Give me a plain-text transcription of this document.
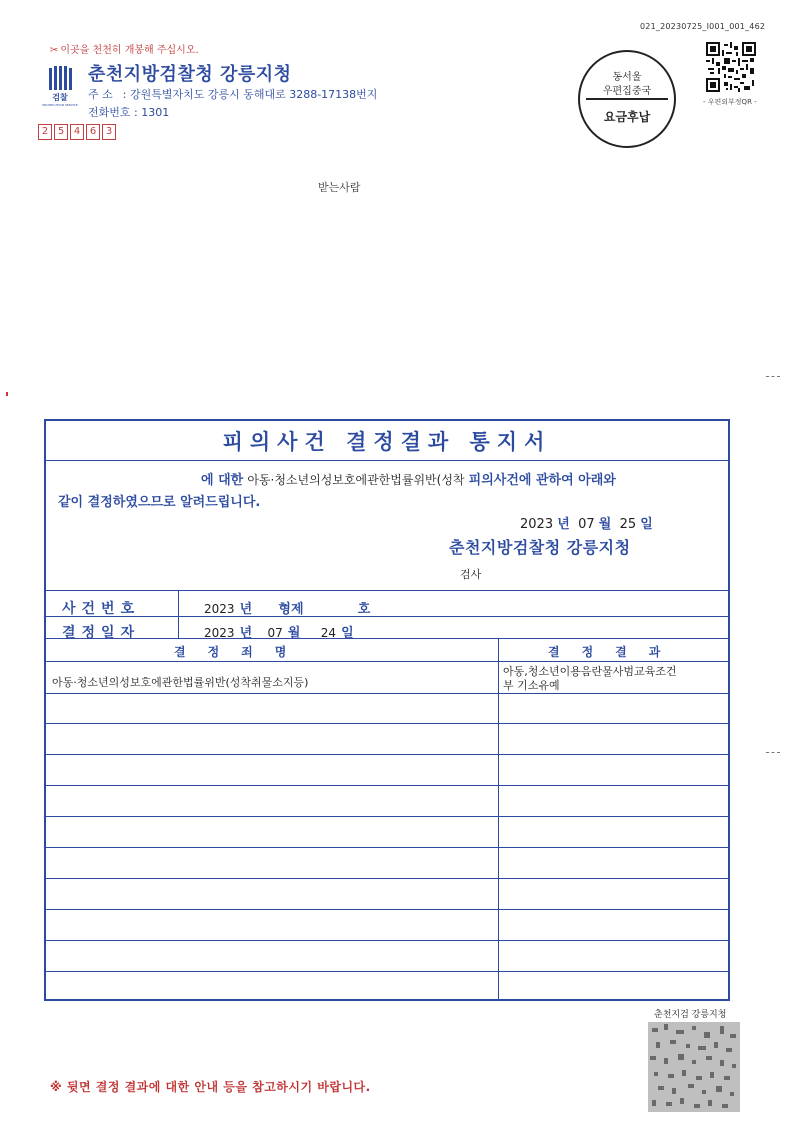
021_20230725_I001_001_462
✂ 이곳을 천천히 개봉해 주십시오.
검찰
PROSECUTION SERVICE
춘천지방검찰청 강릉지청
주 소 : 강원특별자치도 강릉시 동해대로 3288-17138번지
전화번호 : 1301
2 5 4 6 3
동서울
우편집중국
요금후납
- 우편외부정QR -
받는사람
피의사건 결정결과 통지서
에 대한 아동·청소년의성보호에관한법률위반(성착 피의사건에 관하여 아래와
같이 결정하였으므로 알려드립니다.
2023 년 07 월 25 일
춘천지방검찰청 강릉지청
검사
사건번호	2023 년 형제	호
결정일자	2023 년 07 월 24 일
결정죄명	결정결과
아동·청소년의성보호에관한법률위반(성착취물소지등)
아동,청소년이용음란물사범교육조건
부 기소유예
춘천지검 강릉지청
※ 뒷면 결정 결과에 대한 안내 등을 참고하시기 바랍니다.
